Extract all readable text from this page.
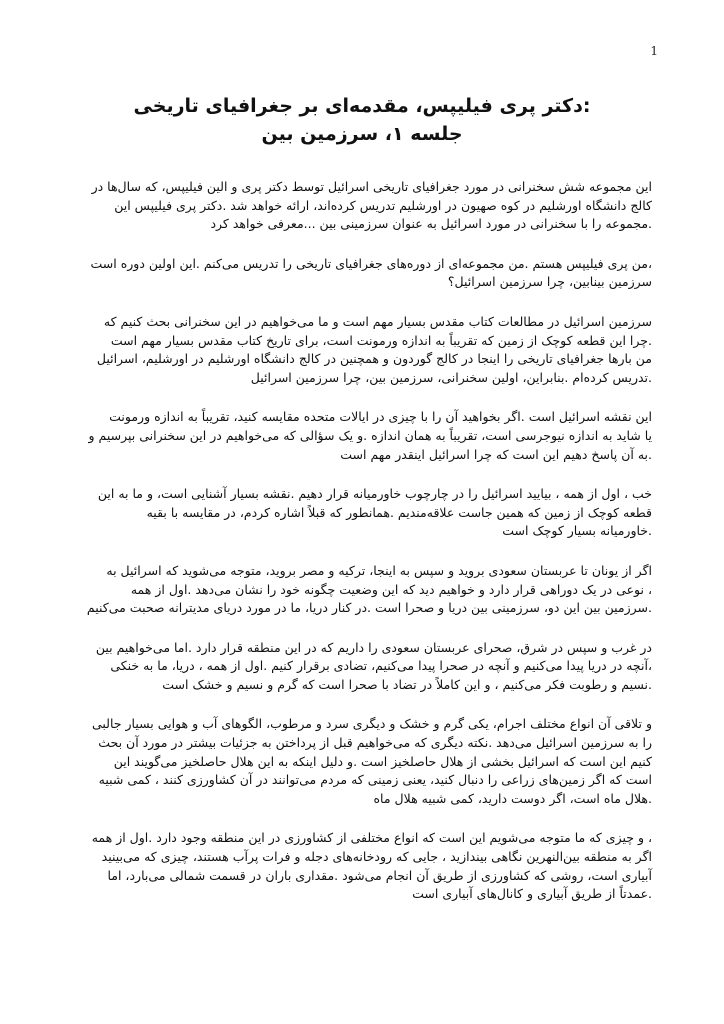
1

:دکتر پری فیلیپس، مقدمه‌ای بر جغرافیای تاریخی

جلسه ۱، سرزمین بین

این مجموعه شش سخنرانی در مورد جغرافیای تاریخی اسرائیل توسط دکتر پری و الین فیلیپس، که سال‌ها در
کالج دانشگاه اورشلیم در کوه صهیون در اورشلیم تدریس کرده‌اند، ارائه خواهد شد .دکتر پری فیلیپس این
.مجموعه را با سخنرانی در مورد اسرائیل به عنوان سرزمینی بین ...معرفی خواهد کرد

،من پری فیلیپس هستم .من مجموعه‌ای از دوره‌های جغرافیای تاریخی را تدریس می‌کنم .این اولین دوره است
سرزمین بینابین، چرا سرزمین اسرائیل؟

سرزمین اسرائیل در مطالعات کتاب مقدس بسیار مهم است و ما می‌خواهیم در این سخنرانی بحث کنیم که
.چرا این قطعه کوچک از زمین که تقریباً به اندازه ورمونت است، برای تاریخ کتاب مقدس بسیار مهم است
من بارها جغرافیای تاریخی را اینجا در کالج گوردون و همچنین در کالج دانشگاه اورشلیم در اورشلیم، اسرائیل
.تدریس کرده‌ام .بنابراین، اولین سخنرانی، سرزمین بین، چرا سرزمین اسرائیل

این نقشه اسرائیل است .اگر بخواهید آن را با چیزی در ایالات متحده مقایسه کنید، تقریباً به اندازه ورمونت
یا شاید به اندازه نیوجرسی است، تقریباً به همان اندازه .و یک سؤالی که می‌خواهیم در این سخنرانی بپرسیم و
.به آن پاسخ دهیم این است که چرا اسرائیل اینقدر مهم است

خب ، اول از همه ، بیایید اسرائیل را در چارچوب خاورمیانه قرار دهیم .نقشه بسیار آشنایی است، و ما به این
قطعه کوچک از زمین که همین جاست علاقه‌مندیم .همانطور که قبلاً اشاره کردم، در مقایسه با بقیه
.خاورمیانه بسیار کوچک است

اگر از یونان تا عربستان سعودی بروید و سپس به اینجا، ترکیه و مصر بروید، متوجه می‌شوید که اسرائیل به
، نوعی در یک دوراهی قرار دارد و خواهیم دید که این وضعیت چگونه خود را نشان می‌دهد .اول از همه
.سرزمین بین این دو، سرزمینی بین دریا و صحرا است .در کنار دریا، ما در مورد دریای مدیترانه صحبت می‌کنیم

در غرب و سپس در شرق، صحرای عربستان سعودی را داریم که در این منطقه قرار دارد .اما می‌خواهیم بین
،آنچه در دریا پیدا می‌کنیم و آنچه در صحرا پیدا می‌کنیم، تضادی برقرار کنیم .اول از همه ، دریا، ما به خنکی
.نسیم و رطوبت فکر می‌کنیم ، و این کاملاً در تضاد با صحرا است که گرم و نسیم و خشک است

و تلاقی آن انواع مختلف اجرام، یکی گرم و خشک و دیگری سرد و مرطوب، الگوهای آب و هوایی بسیار جالبی
را به سرزمین اسرائیل می‌دهد .نکته دیگری که می‌خواهیم قبل از پرداختن به جزئیات بیشتر در مورد آن بحث
کنیم این است که اسرائیل بخشی از هلال حاصلخیز است .و دلیل اینکه به این هلال حاصلخیز می‌گویند این
است که اگر زمین‌های زراعی را دنبال کنید، یعنی زمینی که مردم می‌توانند در آن کشاورزی کنند ، کمی شبیه
.هلال ماه است، اگر دوست دارید، کمی شبیه هلال ماه

، و چیزی که ما متوجه می‌شویم این است که انواع مختلفی از کشاورزی در این منطقه وجود دارد .اول از همه
اگر به منطقه بین‌النهرین نگاهی بیندازید ، جایی که رودخانه‌های دجله و فرات پرآب هستند، چیزی که می‌بینید
آبیاری است، روشی که کشاورزی از طریق آن انجام می‌شود .مقداری باران در قسمت شمالی می‌بارد، اما
.عمدتاً از طریق آبیاری و کانال‌های آبیاری است
